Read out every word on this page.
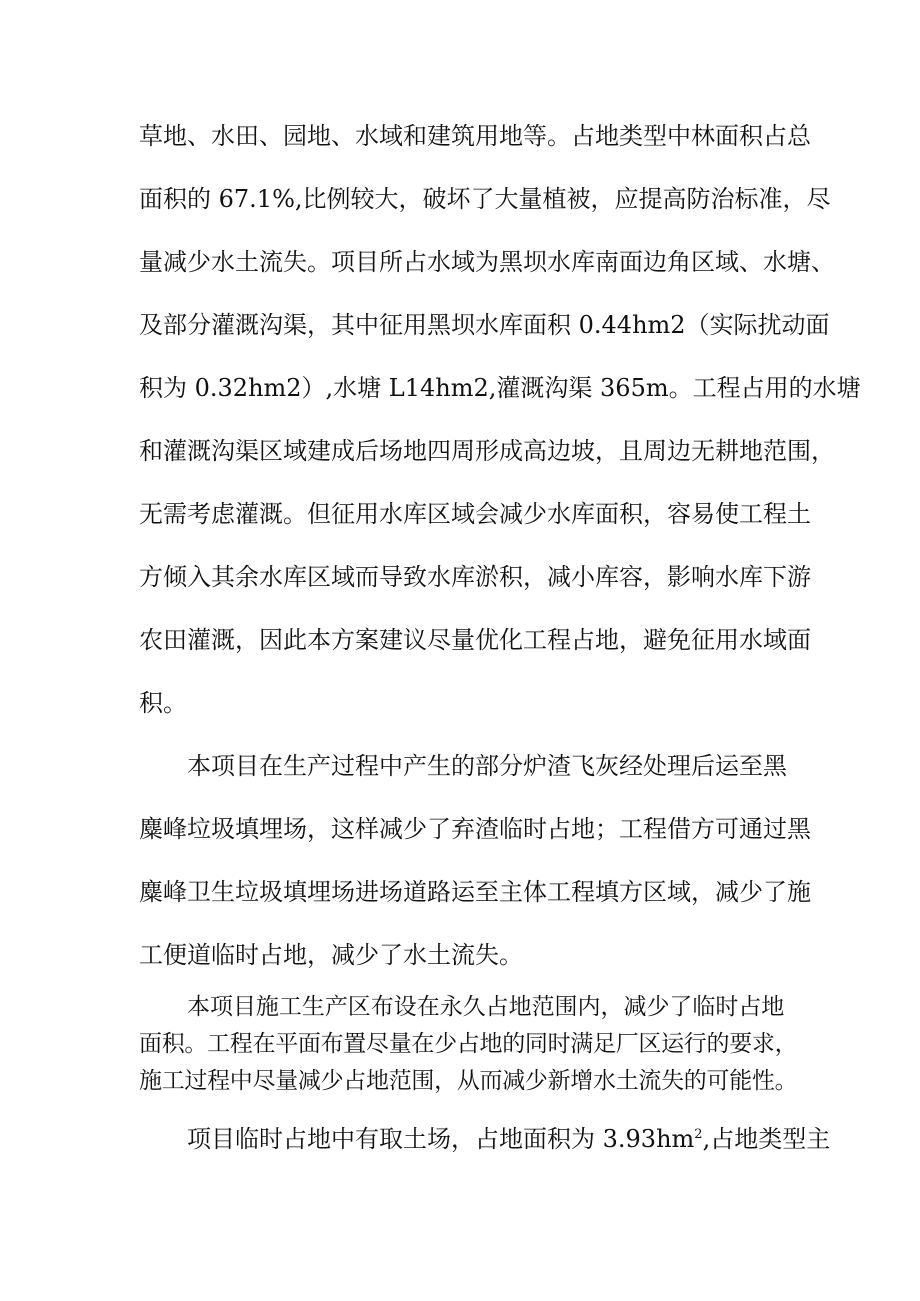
草地、水田、园地、水域和建筑用地等。占地类型中林面积占总
面积的 67.1%,比例较大，破坏了大量植被，应提高防治标准，尽
量减少水土流失。项目所占水域为黑坝水库南面边角区域、水塘、
及部分灌溉沟渠，其中征用黑坝水库面积 0.44hm2（实际扰动面
积为 0.32hm2）,水塘 L14hm2,灌溉沟渠 365m。工程占用的水塘
和灌溉沟渠区域建成后场地四周形成高边坡，且周边无耕地范围，
无需考虑灌溉。但征用水库区域会减少水库面积，容易使工程土
方倾入其余水库区域而导致水库淤积，减小库容，影响水库下游
农田灌溉，因此本方案建议尽量优化工程占地，避免征用水域面
积。
本项目在生产过程中产生的部分炉渣飞灰经处理后运至黑
麋峰垃圾填埋场，这样减少了弃渣临时占地；工程借方可通过黑
麋峰卫生垃圾填埋场进场道路运至主体工程填方区域，减少了施
工便道临时占地，减少了水土流失。
本项目施工生产区布设在永久占地范围内，减少了临时占地
面积。工程在平面布置尽量在少占地的同时满足厂区运行的要求，
施工过程中尽量减少占地范围，从而减少新增水土流失的可能性。
项目临时占地中有取土场，占地面积为 $3.93hm^2$,占地类型主
